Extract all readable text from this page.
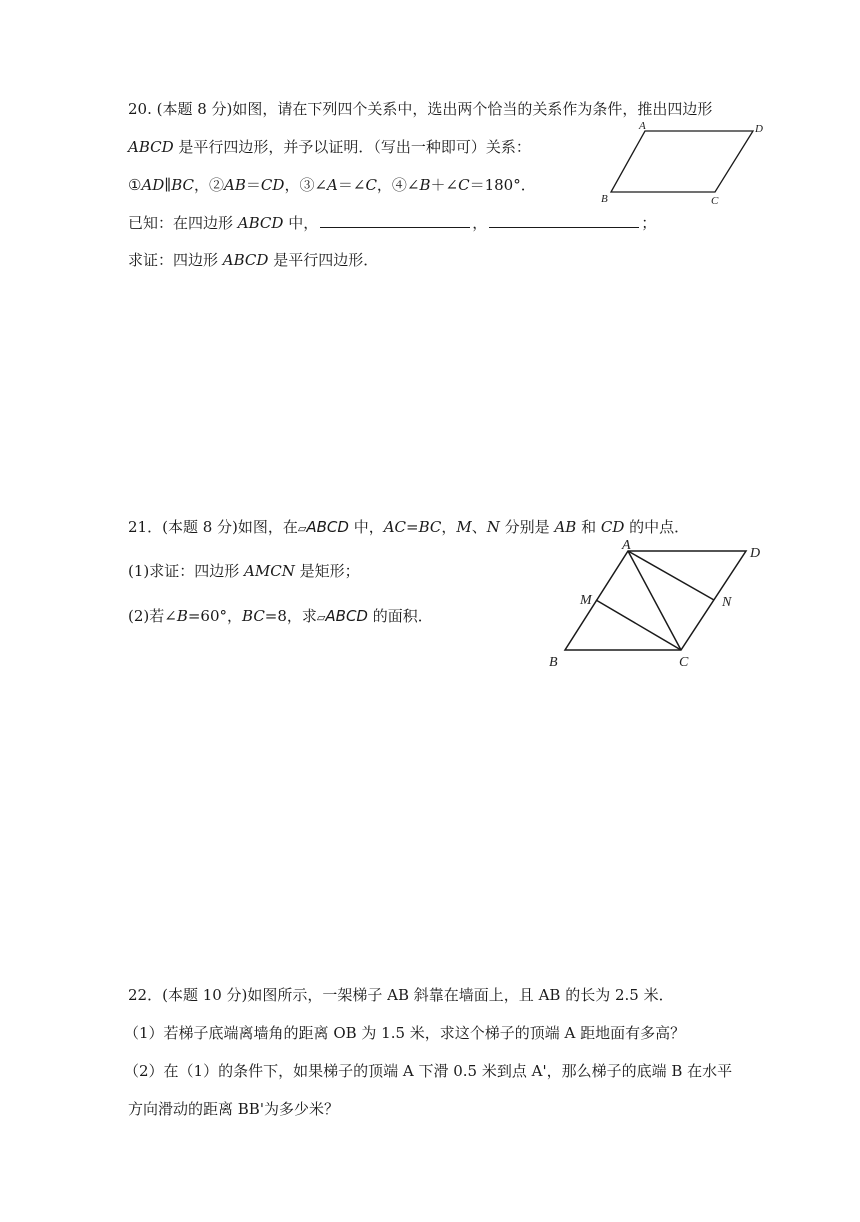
20. (本题 8 分)如图，请在下列四个关系中，选出两个恰当的关系作为条件，推出四边形
ABCD 是平行四边形，并予以证明．（写出一种即可）关系：
①AD∥BC，②AB＝CD，③∠A＝∠C，④∠B＋∠C＝180°．
已知：在四边形 ABCD 中，	，	；
求证：四边形 ABCD 是平行四边形．
A	D
B	C
21．(本题 8 分)如图，在▱ABCD 中，AC=BC，M、N 分别是 AB 和 CD 的中点．
(1)求证：四边形 AMCN 是矩形；
(2)若∠B=60°，BC=8，求▱ABCD 的面积．
A
D
M	N
B	C
22．(本题 10 分)如图所示，一架梯子 AB 斜靠在墙面上，且 AB 的长为 2.5 米．
（1）若梯子底端离墙角的距离 OB 为 1.5 米，求这个梯子的顶端 A 距地面有多高？
（2）在（1）的条件下，如果梯子的顶端 A 下滑 0.5 米到点 A'，那么梯子的底端 B 在水平
方向滑动的距离 BB'为多少米？
